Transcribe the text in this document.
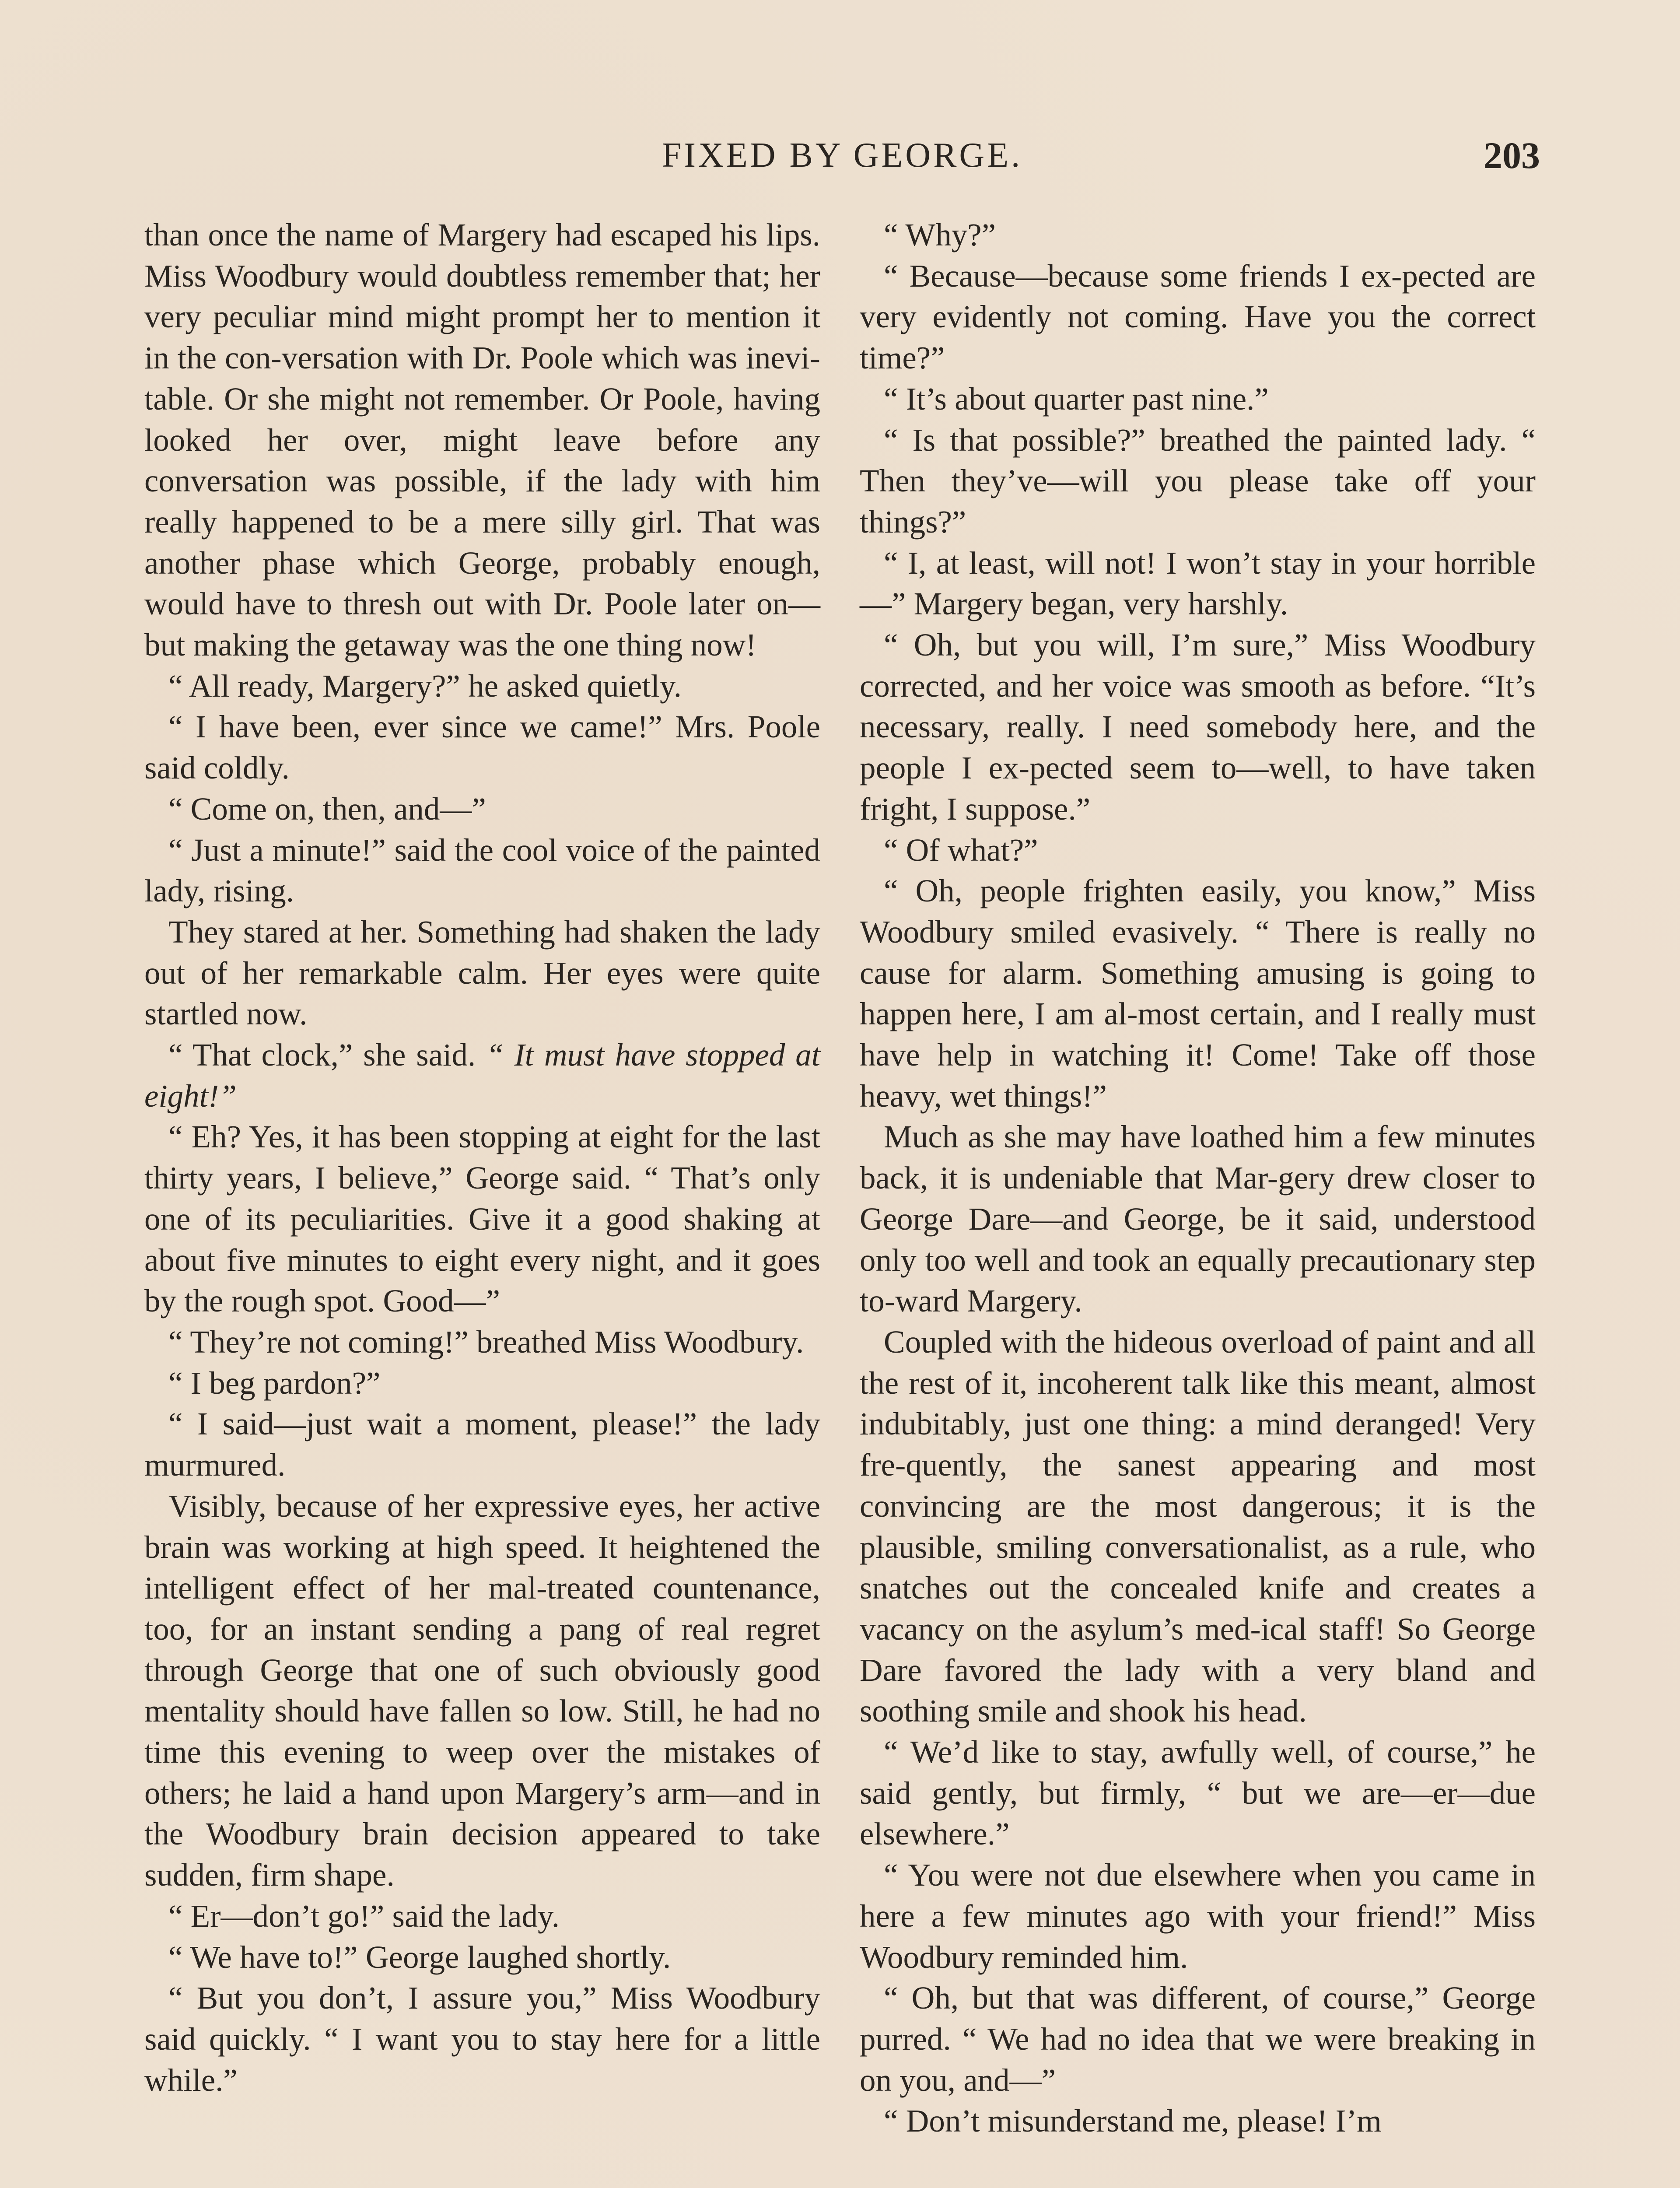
FIXED BY GEORGE.	203

than once the name of Margery had escaped his lips. Miss Woodbury would doubtless remember that; her very peculiar mind might prompt her to mention it in the con-versation with Dr. Poole which was inevi-table. Or she might not remember. Or Poole, having looked her over, might leave before any conversation was possible, if the lady with him really happened to be a mere silly girl. That was another phase which George, probably enough, would have to thresh out with Dr. Poole later on—but making the getaway was the one thing now!

“ All ready, Margery?” he asked quietly.

“ I have been, ever since we came!” Mrs. Poole said coldly.

“ Come on, then, and—”

“ Just a minute!” said the cool voice of the painted lady, rising.

They stared at her. Something had shaken the lady out of her remarkable calm. Her eyes were quite startled now.

“ That clock,” she said. “ It must have stopped at eight!”

“ Eh? Yes, it has been stopping at eight for the last thirty years, I believe,” George said. “ That’s only one of its peculiarities. Give it a good shaking at about five minutes to eight every night, and it goes by the rough spot. Good—”

“ They’re not coming!” breathed Miss Woodbury.

“ I beg pardon?”

“ I said—just wait a moment, please!” the lady murmured.

Visibly, because of her expressive eyes, her active brain was working at high speed. It heightened the intelligent effect of her mal-treated countenance, too, for an instant sending a pang of real regret through George that one of such obviously good mentality should have fallen so low. Still, he had no time this evening to weep over the mistakes of others; he laid a hand upon Margery’s arm—and in the Woodbury brain decision appeared to take sudden, firm shape.

“ Er—don’t go!” said the lady.

“ We have to!” George laughed shortly.

“ But you don’t, I assure you,” Miss Woodbury said quickly. “ I want you to stay here for a little while.”

“ Why?”

“ Because—because some friends I ex-pected are very evidently not coming. Have you the correct time?”

“ It’s about quarter past nine.”

“ Is that possible?” breathed the painted lady. “ Then they’ve—will you please take off your things?”

“ I, at least, will not! I won’t stay in your horrible—” Margery began, very harshly.

“ Oh, but you will, I’m sure,” Miss Woodbury corrected, and her voice was smooth as before. “It’s necessary, really. I need somebody here, and the people I ex-pected seem to—well, to have taken fright, I suppose.”

“ Of what?”

“ Oh, people frighten easily, you know,” Miss Woodbury smiled evasively. “ There is really no cause for alarm. Something amusing is going to happen here, I am al-most certain, and I really must have help in watching it! Come! Take off those heavy, wet things!”

Much as she may have loathed him a few minutes back, it is undeniable that Mar-gery drew closer to George Dare—and George, be it said, understood only too well and took an equally precautionary step to-ward Margery.

Coupled with the hideous overload of paint and all the rest of it, incoherent talk like this meant, almost indubitably, just one thing: a mind deranged! Very fre-quently, the sanest appearing and most convincing are the most dangerous; it is the plausible, smiling conversationalist, as a rule, who snatches out the concealed knife and creates a vacancy on the asylum’s med-ical staff! So George Dare favored the lady with a very bland and soothing smile and shook his head.

“ We’d like to stay, awfully well, of course,” he said gently, but firmly, “ but we are—er—due elsewhere.”

“ You were not due elsewhere when you came in here a few minutes ago with your friend!” Miss Woodbury reminded him.

“ Oh, but that was different, of course,” George purred. “ We had no idea that we were breaking in on you, and—”

“ Don’t misunderstand me, please! I’m
